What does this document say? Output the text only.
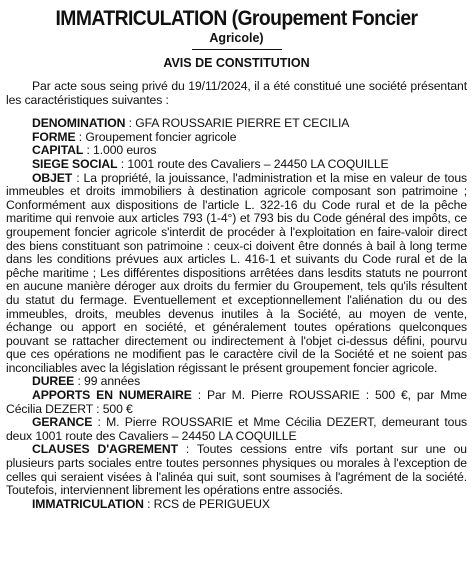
IMMATRICULATION (Groupement Foncier
Agricole)
AVIS DE CONSTITUTION

Par acte sous seing privé du 19/11/2024, il a été constitué une société présentant les caractéristiques suivantes :

DENOMINATION : GFA ROUSSARIE PIERRE ET CECILIA

FORME : Groupement foncier agricole

CAPITAL : 1.000 euros

SIEGE SOCIAL : 1001 route des Cavaliers – 24450 LA COQUILLE

OBJET : La propriété, la jouissance, l'administration et la mise en valeur de tous immeubles et droits immobiliers à destination agricole composant son patrimoine ; Conformément aux dispositions de l'article L. 322-16 du Code rural et de la pêche maritime qui renvoie aux articles 793 (1-4°) et 793 bis du Code général des impôts, ce groupement foncier agricole s'interdit de procéder à l'exploitation en faire-valoir direct des biens constituant son patrimoine : ceux-ci doivent être donnés à bail à long terme dans les conditions prévues aux articles L. 416-1 et suivants du Code rural et de la pêche maritime ; Les différentes dispositions arrêtées dans lesdits statuts ne pourront en aucune manière déroger aux droits du fermier du Groupement, tels qu'ils résultent du statut du fermage. Eventuellement et exceptionnellement l'aliénation du ou des immeubles, droits, meubles devenus inutiles à la Société, au moyen de vente, échange ou apport en société, et généralement toutes opérations quelconques pouvant se rattacher directement ou indirectement à l'objet ci-dessus défini, pourvu que ces opérations ne modifient pas le caractère civil de la Société et ne soient pas inconciliables avec la législation régissant le présent groupement foncier agricole.

DUREE : 99 années

APPORTS EN NUMERAIRE : Par M. Pierre ROUSSARIE : 500 €, par Mme Cécilia DEZERT : 500 €

GERANCE : M. Pierre ROUSSARIE et Mme Cécilia DEZERT, demeurant tous deux 1001 route des Cavaliers – 24450 LA COQUILLE

CLAUSES D'AGREMENT : Toutes cessions entre vifs portant sur une ou plusieurs parts sociales entre toutes personnes physiques ou morales à l'exception de celles qui seraient visées à l'alinéa qui suit, sont soumises à l'agrément de la société. Toutefois, interviennent librement les opérations entre associés.

IMMATRICULATION : RCS de PERIGUEUX
